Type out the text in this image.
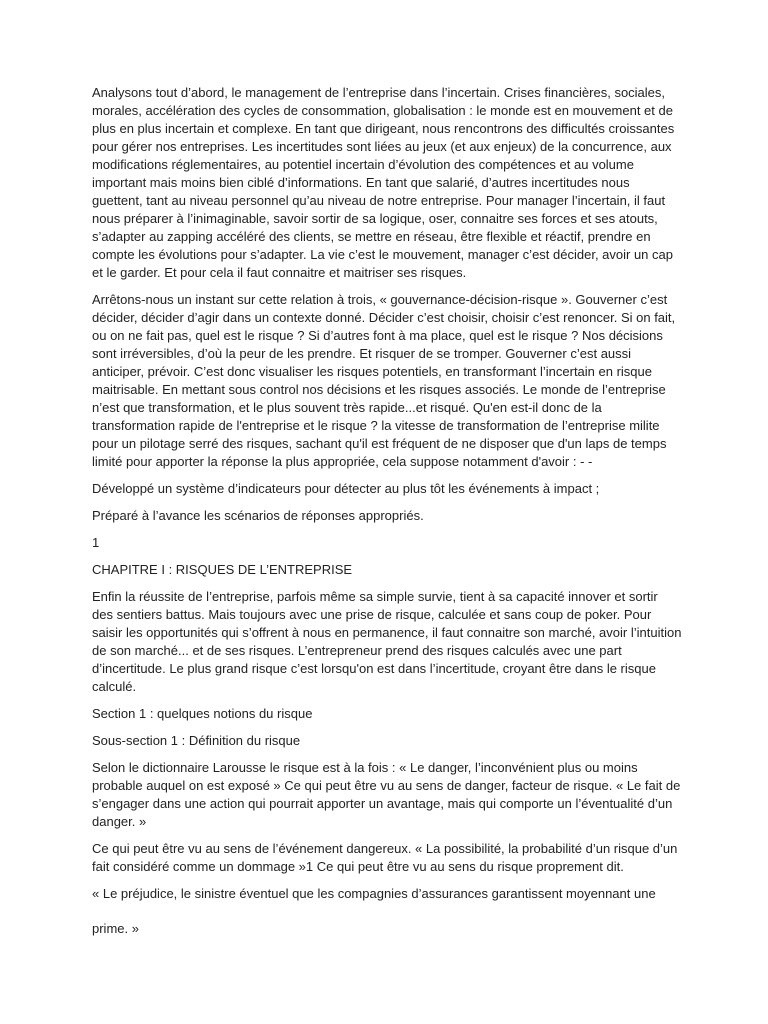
Analysons tout d’abord, le management de l’entreprise dans l’incertain. Crises financières, sociales, morales, accélération des cycles de consommation, globalisation : le monde est en mouvement et de plus en plus incertain et complexe. En tant que dirigeant, nous rencontrons des difficultés croissantes pour gérer nos entreprises. Les incertitudes sont liées au jeux (et aux enjeux) de la concurrence, aux modifications réglementaires, au potentiel incertain d’évolution des compétences et au volume important mais moins bien ciblé d’informations. En tant que salarié, d’autres incertitudes nous guettent, tant au niveau personnel qu’au niveau de notre entreprise. Pour manager l’incertain, il faut nous préparer à l’inimaginable, savoir sortir de sa logique, oser, connaitre ses forces et ses atouts, s’adapter au zapping accéléré des clients, se mettre en réseau, être flexible et réactif, prendre en compte les évolutions pour s’adapter. La vie c’est le mouvement, manager c’est décider, avoir un cap et le garder. Et pour cela il faut connaitre et maitriser ses risques.

Arrêtons-nous un instant sur cette relation à trois, « gouvernance-décision-risque ». Gouverner c’est décider, décider d’agir dans un contexte donné. Décider c’est choisir, choisir c’est renoncer. Si on fait, ou on ne fait pas, quel est le risque ? Si d’autres font à ma place, quel est le risque ? Nos décisions sont irréversibles, d’où la peur de les prendre. Et risquer de se tromper. Gouverner c’est aussi anticiper, prévoir. C’est donc visualiser les risques potentiels, en transformant l’incertain en risque maitrisable. En mettant sous control nos décisions et les risques associés. Le monde de l’entreprise n’est que transformation, et le plus souvent très rapide...et risqué. Qu'en est-il donc de la transformation rapide de l'entreprise et le risque ? la vitesse de transformation de l’entreprise milite pour un pilotage serré des risques, sachant qu'il est fréquent de ne disposer que d'un laps de temps limité pour apporter la réponse la plus appropriée, cela suppose notamment d'avoir : - -

Développé un système d’indicateurs pour détecter au plus tôt les événements à impact ;

Préparé à l’avance les scénarios de réponses appropriés.

1

CHAPITRE I : RISQUES DE L’ENTREPRISE

Enfin la réussite de l’entreprise, parfois même sa simple survie, tient à sa capacité innover et sortir des sentiers battus. Mais toujours avec une prise de risque, calculée et sans coup de poker. Pour saisir les opportunités qui s’offrent à nous en permanence, il faut connaitre son marché, avoir l’intuition de son marché... et de ses risques. L’entrepreneur prend des risques calculés avec une part d’incertitude. Le plus grand risque c’est lorsqu'on est dans l’incertitude, croyant être dans le risque calculé.

Section 1 : quelques notions du risque

Sous-section 1 : Définition du risque

Selon le dictionnaire Larousse le risque est à la fois : « Le danger, l’inconvénient plus ou moins probable auquel on est exposé » Ce qui peut être vu au sens de danger, facteur de risque. « Le fait de s’engager dans une action qui pourrait apporter un avantage, mais qui comporte un l’éventualité d’un danger. »

Ce qui peut être vu au sens de l’événement dangereux. « La possibilité, la probabilité d’un risque d’un fait considéré comme un dommage »1 Ce qui peut être vu au sens du risque proprement dit.

« Le préjudice, le sinistre éventuel que les compagnies d’assurances garantissent moyennant une

prime. »
